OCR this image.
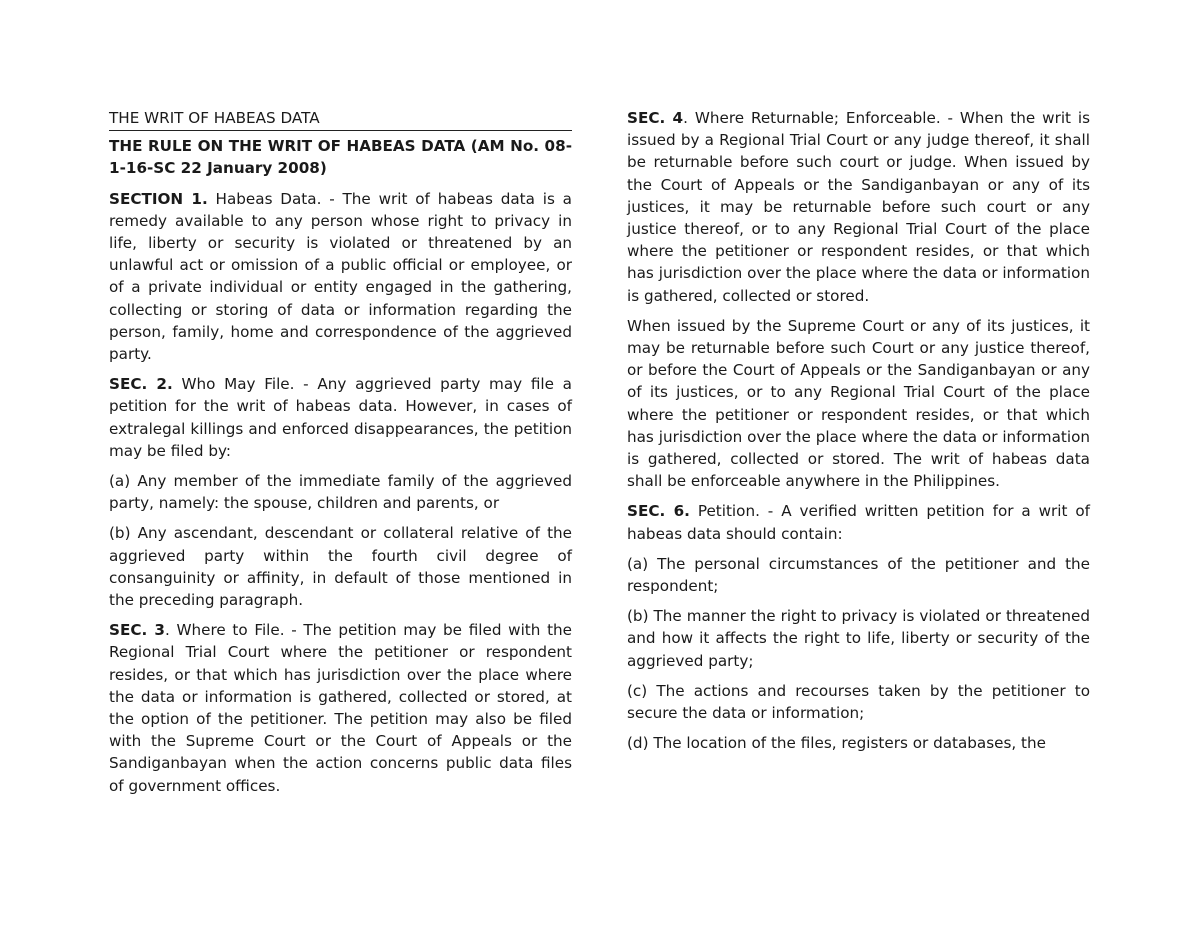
THE WRIT OF HABEAS DATA

THE RULE ON THE WRIT OF HABEAS DATA (AM No. 08-1-16-SC 22 January 2008)

SECTION 1. Habeas Data. - The writ of habeas data is a remedy available to any person whose right to privacy in life, liberty or security is violated or threatened by an unlawful act or omission of a public official or employee, or of a private individual or entity engaged in the gathering, collecting or storing of data or information regarding the person, family, home and correspondence of the aggrieved party.

SEC. 2. Who May File. - Any aggrieved party may file a petition for the writ of habeas data. However, in cases of extralegal killings and enforced disappearances, the petition may be filed by:

(a) Any member of the immediate family of the aggrieved party, namely: the spouse, children and parents, or

(b) Any ascendant, descendant or collateral relative of the aggrieved party within the fourth civil degree of consanguinity or affinity, in default of those mentioned in the preceding paragraph.

SEC. 3. Where to File. - The petition may be filed with the Regional Trial Court where the petitioner or respondent resides, or that which has jurisdiction over the place where the data or information is gathered, collected or stored, at the option of the petitioner. The petition may also be filed with the Supreme Court or the Court of Appeals or the Sandiganbayan when the action concerns public data files of government offices.

SEC. 4. Where Returnable; Enforceable. - When the writ is issued by a Regional Trial Court or any judge thereof, it shall be returnable before such court or judge. When issued by the Court of Appeals or the Sandiganbayan or any of its justices, it may be returnable before such court or any justice thereof, or to any Regional Trial Court of the place where the petitioner or respondent resides, or that which has jurisdiction over the place where the data or information is gathered, collected or stored.

When issued by the Supreme Court or any of its justices, it may be returnable before such Court or any justice thereof, or before the Court of Appeals or the Sandiganbayan or any of its justices, or to any Regional Trial Court of the place where the petitioner or respondent resides, or that which has jurisdiction over the place where the data or information is gathered, collected or stored. The writ of habeas data shall be enforceable anywhere in the Philippines.

SEC. 6. Petition. - A verified written petition for a writ of habeas data should contain:

(a) The personal circumstances of the petitioner and the respondent;

(b) The manner the right to privacy is violated or threatened and how it affects the right to life, liberty or security of the aggrieved party;

(c) The actions and recourses taken by the petitioner to secure the data or information;

(d) The location of the files, registers or databases, the
